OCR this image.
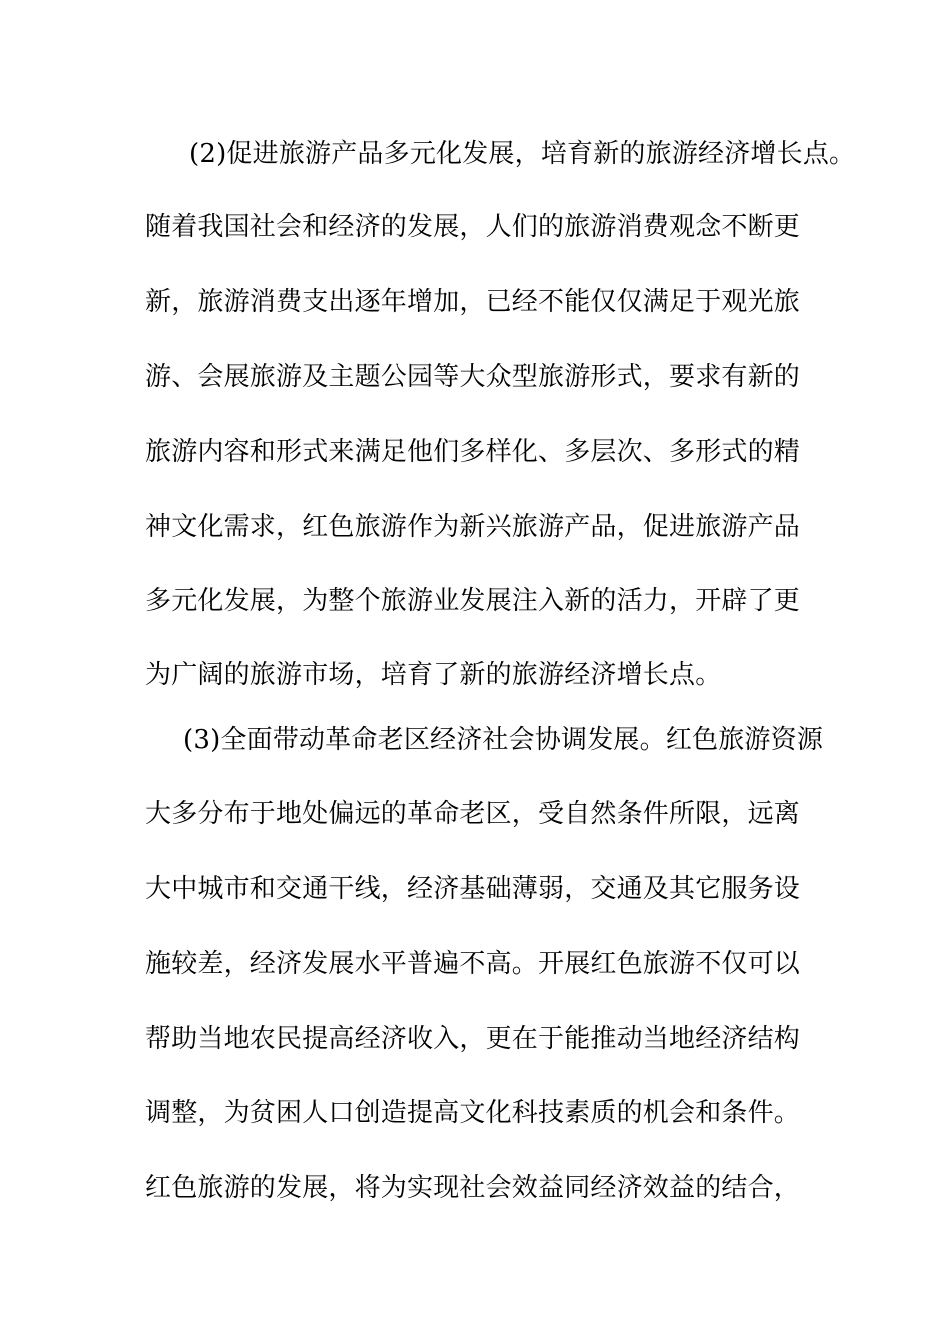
(2)促进旅游产品多元化发展，培育新的旅游经济增长点。
随着我国社会和经济的发展，人们的旅游消费观念不断更
新，旅游消费支出逐年增加，已经不能仅仅满足于观光旅
游、会展旅游及主题公园等大众型旅游形式，要求有新的
旅游内容和形式来满足他们多样化、多层次、多形式的精
神文化需求，红色旅游作为新兴旅游产品，促进旅游产品
多元化发展，为整个旅游业发展注入新的活力，开辟了更
为广阔的旅游市场，培育了新的旅游经济增长点。
(3)全面带动革命老区经济社会协调发展。红色旅游资源
大多分布于地处偏远的革命老区，受自然条件所限，远离
大中城市和交通干线，经济基础薄弱，交通及其它服务设
施较差，经济发展水平普遍不高。开展红色旅游不仅可以
帮助当地农民提高经济收入，更在于能推动当地经济结构
调整，为贫困人口创造提高文化科技素质的机会和条件。
红色旅游的发展，将为实现社会效益同经济效益的结合，
